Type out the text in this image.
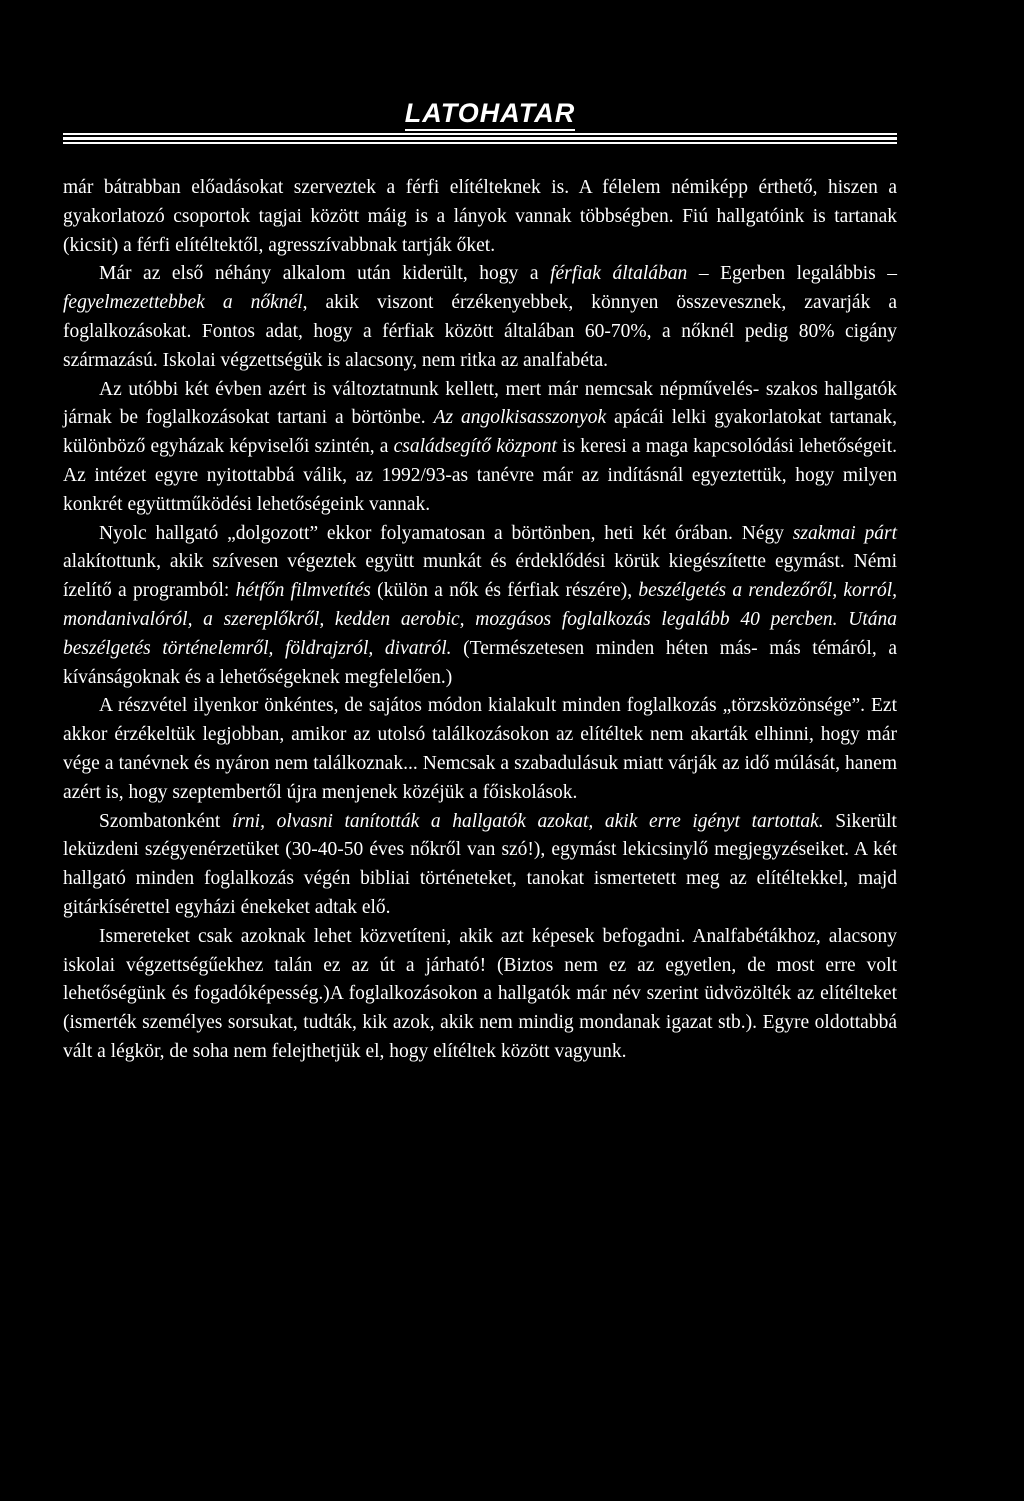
LATOHATAR

már bátrabban előadásokat szerveztek a férfi elítélteknek is. A félelem némiképp érthető, hiszen a gyakorlatozó csoportok tagjai között máig is a lányok vannak többségben. Fiú hallgatóink is tartanak (kicsit) a férfi elítéltektől, agresszívabbnak tartják őket.

Már az első néhány alkalom után kiderült, hogy a férfiak általában – Egerben legalábbis – fegyelmezettebbek a nőknél, akik viszont érzékenyebbek, könnyen összevesznek, zavarják a foglalkozásokat. Fontos adat, hogy a férfiak között általában 60-70%, a nőknél pedig 80% cigány származású. Iskolai végzettségük is alacsony, nem ritka az analfabéta.

Az utóbbi két évben azért is változtatnunk kellett, mert már nemcsak népművelés- szakos hallgatók járnak be foglalkozásokat tartani a börtönbe. Az angolkisasszonyok apácái lelki gyakorlatokat tartanak, különböző egyházak képviselői szintén, a családsegítő központ is keresi a maga kapcsolódási lehetőségeit. Az intézet egyre nyitottabbá válik, az 1992/93-as tanévre már az indításnál egyeztettük, hogy milyen konkrét együttműködési lehetőségeink vannak.

Nyolc hallgató „dolgozott” ekkor folyamatosan a börtönben, heti két órában. Négy szakmai párt alakítottunk, akik szívesen végeztek együtt munkát és érdeklődési körük kiegészítette egymást. Némi ízelítő a programból: hétfőn filmvetítés (külön a nők és férfiak részére), beszélgetés a rendezőről, korról, mondanivalóról, a szereplőkről, kedden aerobic, mozgásos foglalkozás legalább 40 percben. Utána beszélgetés történelemről, földrajzról, divatról. (Természetesen minden héten más- más témáról, a kívánságoknak és a lehetőségeknek megfelelően.)

A részvétel ilyenkor önkéntes, de sajátos módon kialakult minden foglalkozás „törzsközönsége”. Ezt akkor érzékeltük legjobban, amikor az utolsó találkozásokon az elítéltek nem akarták elhinni, hogy már vége a tanévnek és nyáron nem találkoznak... Nemcsak a szabadulásuk miatt várják az idő múlását, hanem azért is, hogy szeptembertől újra menjenek közéjük a főiskolások.

Szombatonként írni, olvasni tanították a hallgatók azokat, akik erre igényt tartottak. Sikerült leküzdeni szégyenérzetüket (30-40-50 éves nőkről van szó!), egymást lekicsinylő megjegyzéseiket. A két hallgató minden foglalkozás végén bibliai történeteket, tanokat ismertetett meg az elítéltekkel, majd gitárkísérettel egyházi énekeket adtak elő.

Ismereteket csak azoknak lehet közvetíteni, akik azt képesek befogadni. Analfabétákhoz, alacsony iskolai végzettségűekhez talán ez az út a járható! (Biztos nem ez az egyetlen, de most erre volt lehetőségünk és fogadóképesség.)A foglalkozásokon a hallgatók már név szerint üdvözölték az elítélteket (ismerték személyes sorsukat, tudták, kik azok, akik nem mindig mondanak igazat stb.). Egyre oldottabbá vált a légkör, de soha nem felejthetjük el, hogy elítéltek között vagyunk.
